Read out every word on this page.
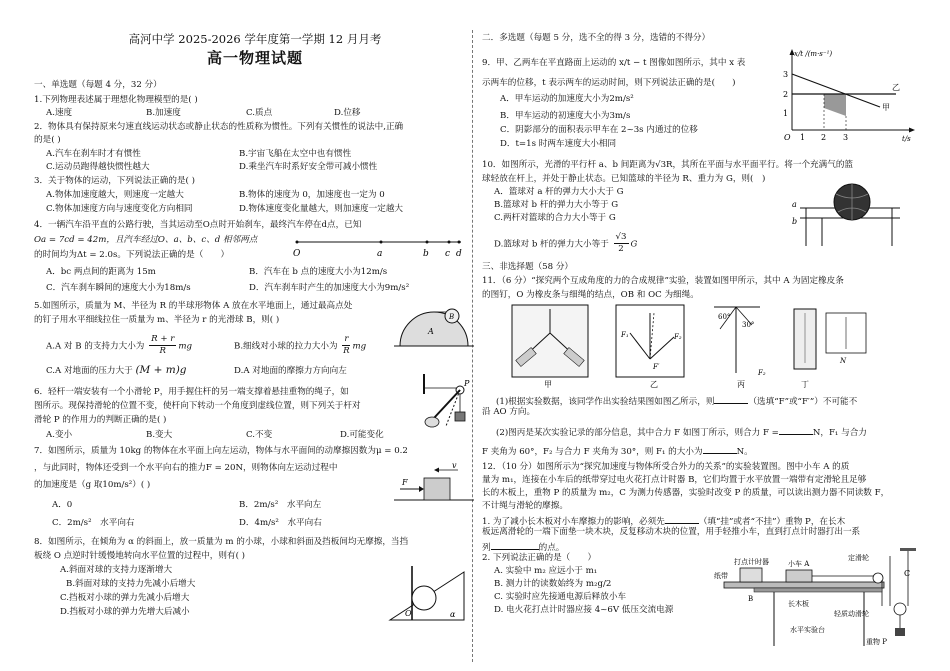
高河中学 2025-2026 学年度第一学期 12 月月考
高一物理试题
一、单选题（每题 4 分，32 分）
1.下列物理表述属于理想化物理模型的是( )
A.速度	B.加速度	C.质点	D.位移
2．物体具有保持原来匀速直线运动状态或静止状态的性质称为惯性。下列有关惯性的说法中,正确
的是( )
A.汽车在刹车时才有惯性	B.宇宙飞船在太空中也有惯性
C.运动员跑得越快惯性越大	D.乘坐汽车时系好安全带可减小惯性
3．关于物体的运动，下列说法正确的是( )
A.物体加速度越大，则速度一定越大	B.物体的速度为 0，加速度也一定为 0
C.物体加速度方向与速度变化方向相同	D.物体速度变化量越大，则加速度一定越大
4．一辆汽车沿平直的公路行驶，当其运动至O点时开始刹车，最终汽车停在d点，已知
Oa = 7cd = 42m，且汽车经过O、a、b、c、d 相邻两点
的时间均为Δt = 2.0s。下列说法正确的是（　　）	O	a	b c d
A．bc 两点间的距离为 15m	B．汽车在 b 点的速度大小为12m/s
C．汽车刹车瞬间的速度大小为18m/s	D．汽车刹车时产生的加速度大小为9m/s²
5.如图所示，质量为 M、半径为 R 的半球形物体 A 放在水平地面上，通过最高点处
的钉子用水平细线拉住一质量为 m、半径为 r 的光滑球 B，则( )
A.A 对 B 的支持力大小为 $\frac{R + r}{R}$ mg	B.细线对小球的拉力大小为 $\frac{r}{R}$ mg
C.A 对地面的压力大于 (M + m)g	D.A 对地面的摩擦力方向向左
A
B
6．轻杆一端安装有一个小滑轮 P，用手握住杆的另一端支撑着悬挂重物的绳子，如
图所示。现保持滑轮的位置不变，使杆向下转动一个角度到虚线位置，则下列关于杆对
滑轮 P 的作用力的判断正确的是( )
A.变小	B.变大	C.不变	D.可能变化
P
7．如图所示，质量为 10kg 的物体在水平面上向左运动，物体与水平面间的动摩擦因数为μ = 0.2
，与此同时，物体还受到一个水平向右的推力F = 20N，则物体向左运动过程中
的加速度是（g 取10m/s²）( )
A．0	B．2m/s²　水平向左
C．2m/s²　水平向右	D．4m/s²　水平向右
F
v
8．如图所示，在倾角为 α 的斜面上，放一质量为 m 的小球，小球和斜面及挡板间均无摩擦，当挡
板绕 O 点逆时针缓慢地转向水平位置的过程中，则有( )
A.斜面对球的支持力逐渐增大
B.斜面对球的支持力先减小后增大
C.挡板对小球的弹力先减小后增大
D.挡板对小球的弹力先增大后减小	O	α
二．多选题（每题 5 分，选不全的得 3 分，选错的不得分）
9．甲、乙两车在平直路面上运动的 x/t − t 图像如图所示，其中 x 表
示两车的位移，t 表示两车的运动时间，则下列说法正确的是(　　)
A．甲车运动的加速度大小为2m/s²
B．甲车运动的初速度大小为3m/s
C．阴影部分的面积表示甲车在 2~3s 内通过的位移
D．t=1s 时两车速度大小相同
x/t /(m·s⁻¹)
t/s
3
2
1
1 2 3
O
乙
甲
10．如图所示，光滑的平行杆 a、b 间距离为√3R，其所在平面与水平面平行。将一个充满气的篮
球轻放在杆上，并处于静止状态。已知篮球的半径为 R、重力为 G，则(　)
A．篮球对 a 杆的弹力大小大于 G
B.篮球对 b 杆的弹力大小等于 G
C.两杆对篮球的合力大小等于 G
D.篮球对 b 杆的弹力大小等于 $\frac{√3}{2}$ G
a
b
三、非选择题（58 分）
11．（6 分）“探究两个互成角度的力的合成规律”实验，装置如图甲所示，其中 A 为固定橡皮条
的图钉，O 为橡皮条与细绳的结点，OB 和 OC 为细绳。
甲
F₁	F₂
F′
乙
60°
30°
丙
F₂
N
丁
(1)根据实验数据，该同学作出实验结果图如图乙所示，则	（选填“F”或“F′”）不可能不
沿 AO 方向。
(2)图丙是某次实验记录的部分信息，其中合力 F 如图丁所示，则合力 F =	N，F₁ 与合力
F 夹角为 60°，F₂ 与合力 F 夹角为 30°，则 F₁ 的大小为	N。
12．（10 分）如图所示为“探究加速度与物体所受合外力的关系”的实验装置图。图中小车 A 的质
量为 m₁，连接在小车后的纸带穿过电火花打点计时器 B，它们均置于水平放置一端带有定滑轮且足够
长的木板上，重物 P 的质量为 m₂，C 为测力传感器，实验时改变 P 的质量，可以读出测力器不同读数 F，
不计绳与滑轮的摩擦。
1. 为了减小长木板对小车摩擦力的影响，必须先	（填“挂”或者“不挂”）重物 P，在长木
板远离滑轮的一端下面垫一块木块，反复移动木块的位置，用手轻推小车，直到打点计时器打出一系
列	的点。
2. 下列说法正确的是（　　）
A. 实验中 m₂ 应远小于 m₁
B. 测力计的读数始终为 m₂g/2
C. 实验时应先接通电源后释放小车
D. 电火花打点计时器应接 4~6V 低压交流电源
打点计时器	小车 A
定滑轮
纸带
B
长木板
水平实验台
C
轻质动滑轮
重物 P
